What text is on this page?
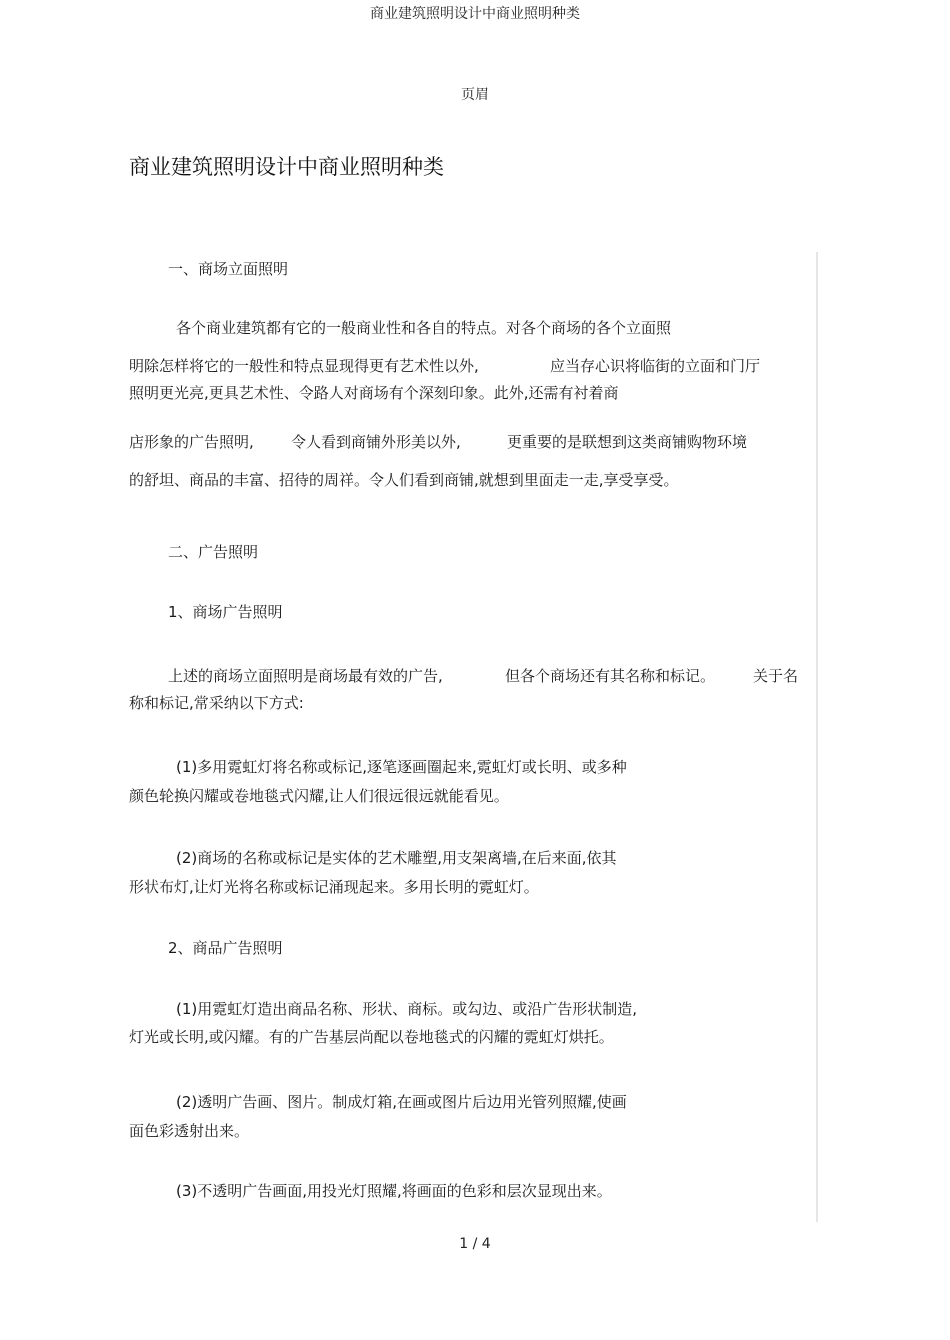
商业建筑照明设计中商业照明种类
页眉
商业建筑照明设计中商业照明种类
一、商场立面照明
各个商业建筑都有它的一般商业性和各自的特点。对各个商场的各个立面照
明除怎样将它的一般性和特点显现得更有艺术性以外,	应当存心识将临街的立面和门厅
照明更光亮,更具艺术性、令路人对商场有个深刻印象。此外,还需有衬着商
店形象的广告照明, 令人看到商铺外形美以外,	更重要的是联想到这类商铺购物环境
的舒坦、商品的丰富、招待的周祥。令人们看到商铺,就想到里面走一走,享受享受。
二、广告照明
1、商场广告照明
上述的商场立面照明是商场最有效的广告,	但各个商场还有其名称和标记。	关于名
称和标记,常采纳以下方式:
(1)多用霓虹灯将名称或标记,逐笔逐画圈起来,霓虹灯或长明、或多种
颜色轮换闪耀或卷地毯式闪耀,让人们很远很远就能看见。
(2)商场的名称或标记是实体的艺术雕塑,用支架离墙,在后来面,依其
形状布灯,让灯光将名称或标记涌现起来。多用长明的霓虹灯。
2、商品广告照明
(1)用霓虹灯造出商品名称、形状、商标。或勾边、或沿广告形状制造,
灯光或长明,或闪耀。有的广告基层尚配以卷地毯式的闪耀的霓虹灯烘托。
(2)透明广告画、图片。制成灯箱,在画或图片后边用光管列照耀,使画
面色彩透射出来。
(3)不透明广告画面,用投光灯照耀,将画面的色彩和层次显现出来。
1 / 4
